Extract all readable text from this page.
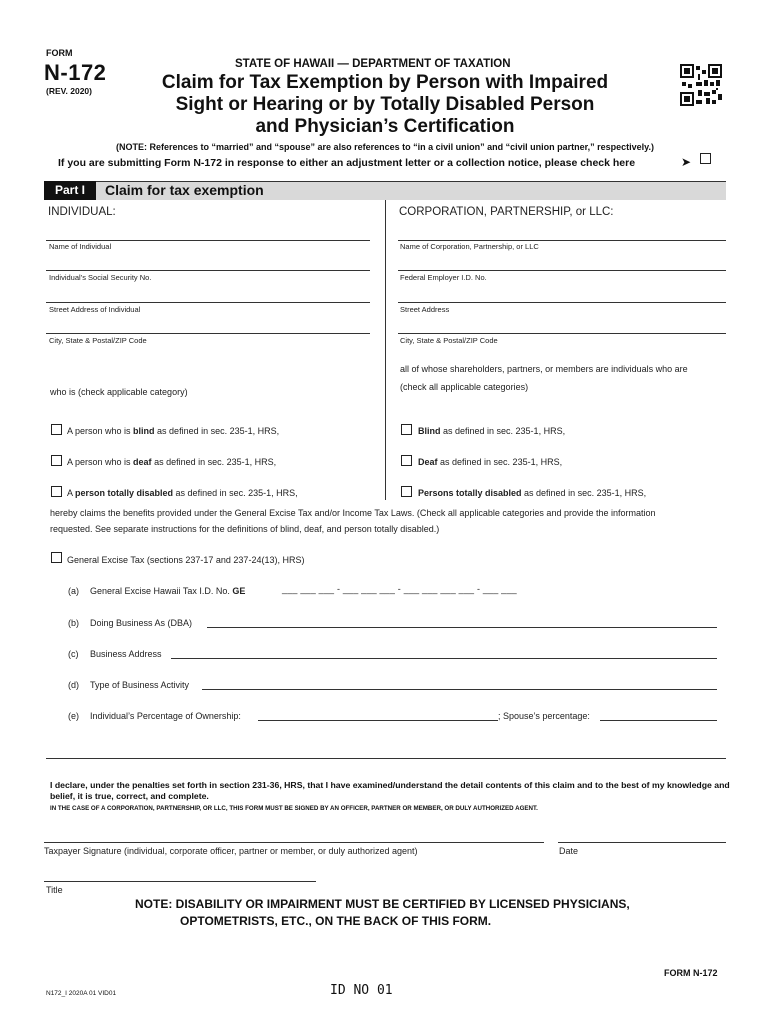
FORM
N-172
(REV. 2020)
STATE OF HAWAII — DEPARTMENT OF TAXATION
Claim for Tax Exemption by Person with Impaired
Sight or Hearing or by Totally Disabled Person
and Physician’s Certification
(NOTE: References to “married” and “spouse” are also references to “in a civil union” and “civil union partner,” respectively.)
If you are submitting Form N-172 in response to either an adjustment letter or a collection notice, please check here	➤
Part I	Claim for tax exemption
INDIVIDUAL:	CORPORATION, PARTNERSHIP, or LLC:
Name of Individual
Individual’s Social Security No.
Street Address of Individual
City, State & Postal/ZIP Code
Name of Corporation, Partnership, or LLC
Federal Employer I.D. No.
Street Address
City, State & Postal/ZIP Code
all of whose shareholders, partners, or members are individuals who are
(check all applicable categories)
who is (check applicable category)
A person who is blind as defined in sec. 235-1, HRS,
A person who is deaf as defined in sec. 235-1, HRS,
A person totally disabled as defined in sec. 235-1, HRS,
Blind as defined in sec. 235-1, HRS,
Deaf as defined in sec. 235-1, HRS,
Persons totally disabled as defined in sec. 235-1, HRS,
hereby claims the benefits provided under the General Excise Tax and/or Income Tax Laws. (Check all applicable categories and provide the information
requested. See separate instructions for the definitions of blind, deaf, and person totally disabled.)
General Excise Tax (sections 237-17 and 237-24(13), HRS)
(a) General Excise Hawaii Tax I.D. No. GE	___ ___ ___ - ___ ___ ___ - ___ ___ ___ ___ - ___ ___
(b) Doing Business As (DBA)
(c) Business Address
(d) Type of Business Activity
(e) Individual’s Percentage of Ownership:	; Spouse’s percentage:
I declare, under the penalties set forth in section 231-36, HRS, that I have examined/understand the detail contents of this claim and to the best of my knowledge and belief, it is true, correct, and complete.
IN THE CASE OF A CORPORATION, PARTNERSHIP, OR LLC, THIS FORM MUST BE SIGNED BY AN OFFICER, PARTNER OR MEMBER, OR DULY AUTHORIZED AGENT.
Taxpayer Signature (individual, corporate officer, partner or member, or duly authorized agent)	Date
Title
NOTE: DISABILITY OR IMPAIRMENT MUST BE CERTIFIED BY LICENSED PHYSICIANS,
OPTOMETRISTS, ETC., ON THE BACK OF THIS FORM.
FORM N-172
N172_I 2020A 01 VID01	ID NO 01
